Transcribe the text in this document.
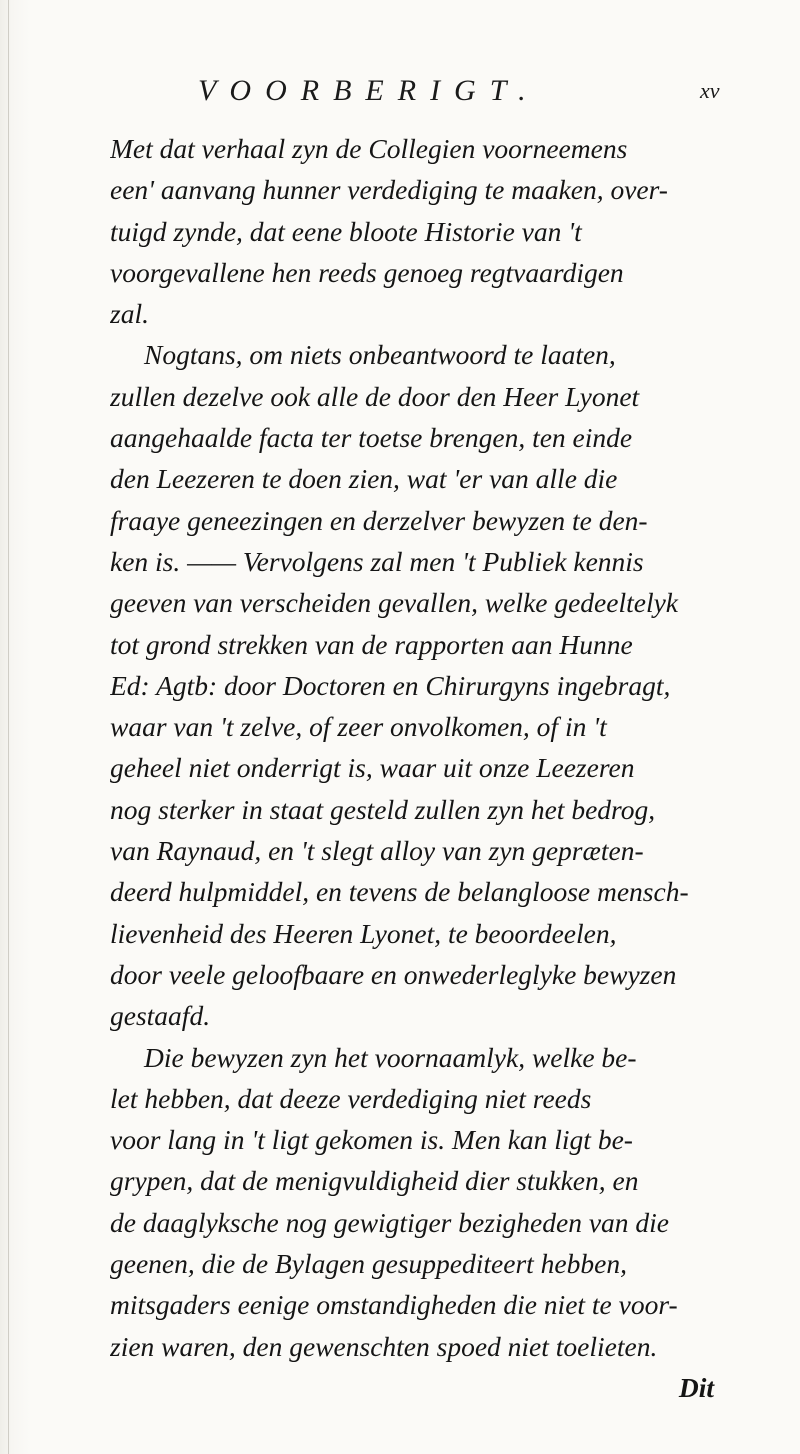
VOORBERIGT.	xv
Met dat verhaal zyn de Collegien voorneemens
een' aanvang hunner verdediging te maaken, over-
tuigd zynde, dat eene bloote Historie van 't
voorgevallene hen reeds genoeg regtvaardigen
zal.
Nogtans, om niets onbeantwoord te laaten,
zullen dezelve ook alle de door den Heer Lyonet
aangehaalde facta ter toetse brengen, ten einde
den Leezeren te doen zien, wat 'er van alle die
fraaye geneezingen en derzelver bewyzen te den-
ken is. —— Vervolgens zal men 't Publiek kennis
geeven van verscheiden gevallen, welke gedeeltelyk
tot grond strekken van de rapporten aan Hunne
Ed: Agtb: door Doctoren en Chirurgyns ingebragt,
waar van 't zelve, of zeer onvolkomen, of in 't
geheel niet onderrigt is, waar uit onze Leezeren
nog sterker in staat gesteld zullen zyn het bedrog,
van Raynaud, en 't slegt alloy van zyn gepræten-
deerd hulpmiddel, en tevens de belangloose mensch-
lievenheid des Heeren Lyonet, te beoordeelen,
door veele geloofbaare en onwederleglyke bewyzen
gestaafd.
Die bewyzen zyn het voornaamlyk, welke be-
let hebben, dat deeze verdediging niet reeds
voor lang in 't ligt gekomen is. Men kan ligt be-
grypen, dat de menigvuldigheid dier stukken, en
de daaglyksche nog gewigtiger bezigheden van die
geenen, die de Bylagen gesuppediteert hebben,
mitsgaders eenige omstandigheden die niet te voor-
zien waren, den gewenschten spoed niet toelieten.
Dit
